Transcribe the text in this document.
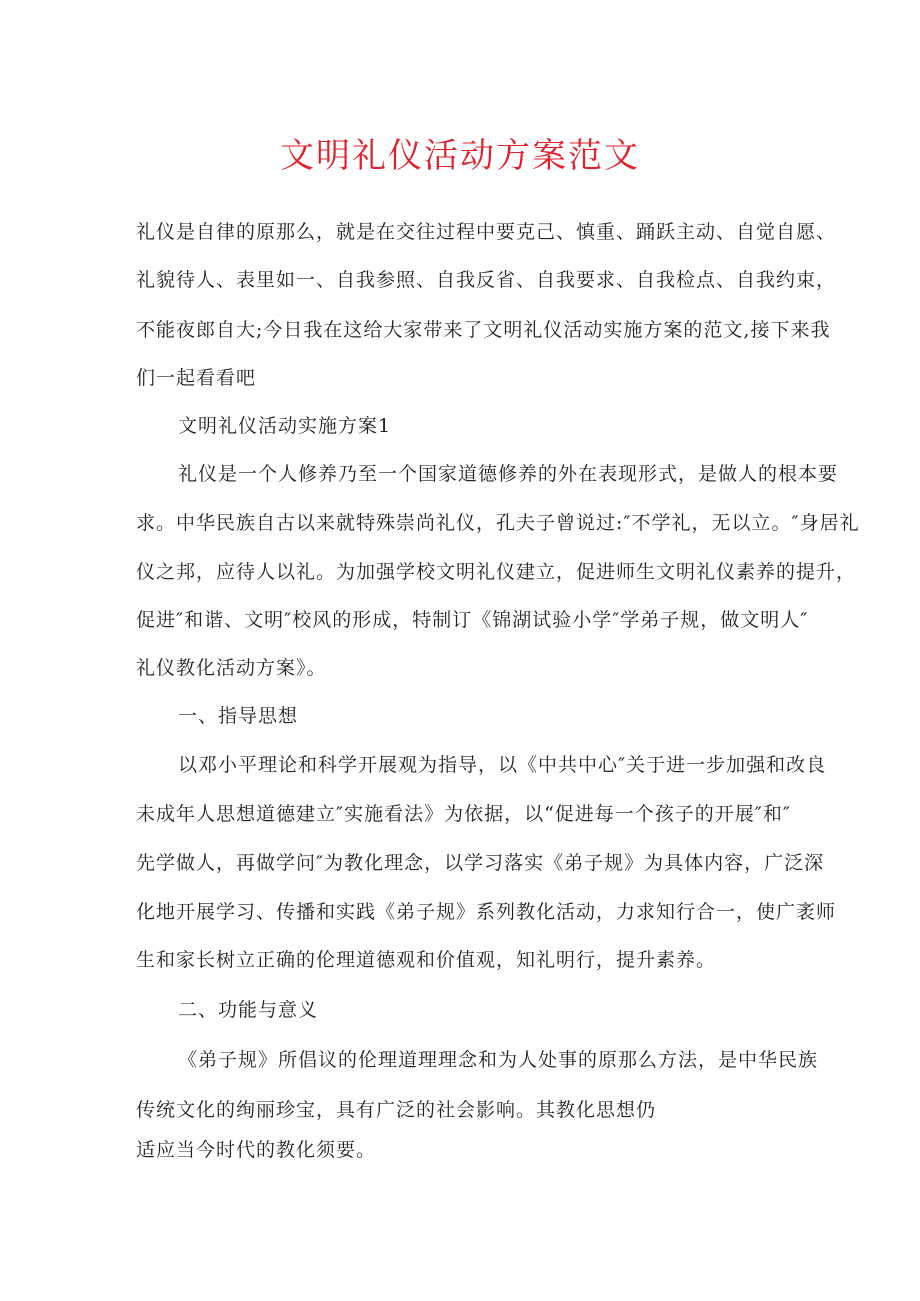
文明礼仪活动方案范文

礼仪是自律的原那么，就是在交往过程中要克己、慎重、踊跃主动、自觉自愿、

礼貌待人、表里如一、自我参照、自我反省、自我要求、自我检点、自我约束，

不能夜郎自大;今日我在这给大家带来了文明礼仪活动实施方案的范文,接下来我

们一起看看吧

文明礼仪活动实施方案1

礼仪是一个人修养乃至一个国家道德修养的外在表现形式，是做人的根本要

求。中华民族自古以来就特殊崇尚礼仪，孔夫子曾说过:″不学礼，无以立。″身居礼

仪之邦，应待人以礼。为加强学校文明礼仪建立，促进师生文明礼仪素养的提升，

促进″和谐、文明″校风的形成，特制订《锦湖试验小学″学弟子规，做文明人″

礼仪教化活动方案》。

一、指导思想

以邓小平理论和科学开展观为指导，以《中共中心″关于进一步加强和改良

未成年人思想道德建立″实施看法》为依据，以“促进每一个孩子的开展″和″

先学做人，再做学问″为教化理念，以学习落实《弟子规》为具体内容，广泛深

化地开展学习、传播和实践《弟子规》系列教化活动，力求知行合一，使广袤师

生和家长树立正确的伦理道德观和价值观，知礼明行，提升素养。

二、功能与意义

《弟子规》所倡议的伦理道理理念和为人处事的原那么方法，是中华民族

传统文化的绚丽珍宝，具有广泛的社会影响。其教化思想仍

适应当今时代的教化须要。
